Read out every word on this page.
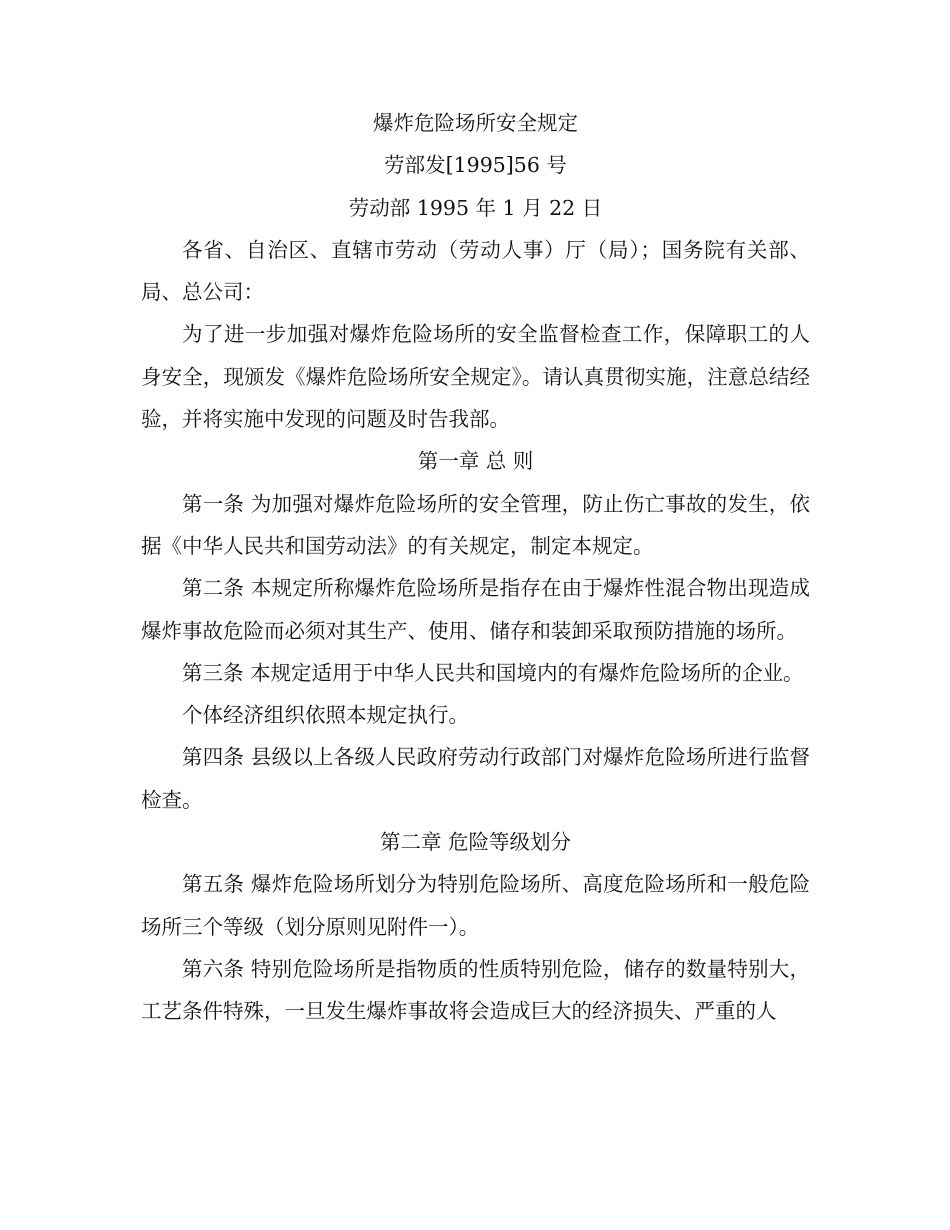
爆炸危险场所安全规定

劳部发[1995]56 号

劳动部 1995 年 1 月 22 日

各省、自治区、直辖市劳动（劳动人事）厅（局）；国务院有关部、局、总公司：

为了进一步加强对爆炸危险场所的安全监督检查工作，保障职工的人身安全，现颁发《爆炸危险场所安全规定》。请认真贯彻实施，注意总结经验，并将实施中发现的问题及时告我部。

第一章 总 则

第一条 为加强对爆炸危险场所的安全管理，防止伤亡事故的发生，依据《中华人民共和国劳动法》的有关规定，制定本规定。

第二条 本规定所称爆炸危险场所是指存在由于爆炸性混合物出现造成爆炸事故危险而必须对其生产、使用、储存和装卸采取预防措施的场所。

第三条 本规定适用于中华人民共和国境内的有爆炸危险场所的企业。

个体经济组织依照本规定执行。

第四条 县级以上各级人民政府劳动行政部门对爆炸危险场所进行监督检查。

第二章 危险等级划分

第五条 爆炸危险场所划分为特别危险场所、高度危险场所和一般危险场所三个等级（划分原则见附件一）。

第六条 特别危险场所是指物质的性质特别危险，储存的数量特别大，工艺条件特殊，一旦发生爆炸事故将会造成巨大的经济损失、严重的人
